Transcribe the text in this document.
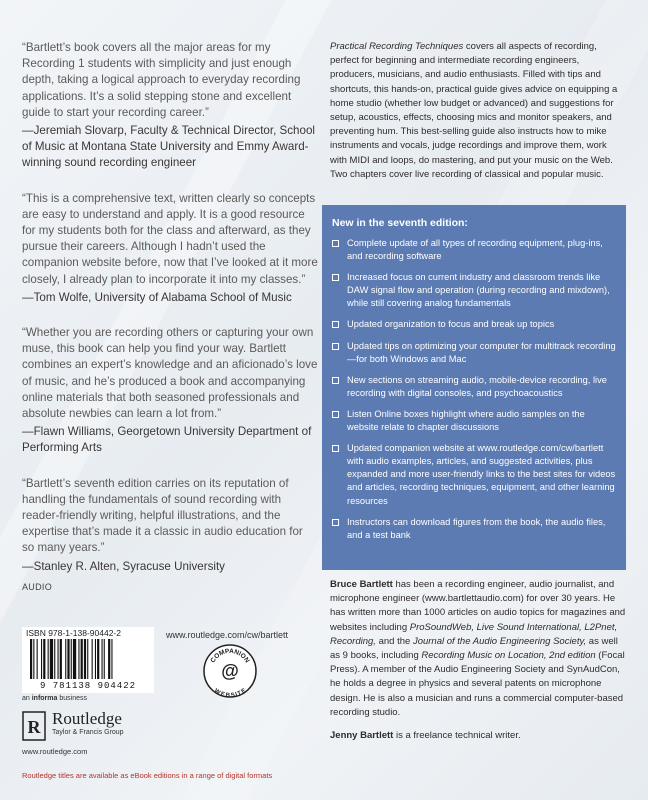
“Bartlett’s book covers all the major areas for my Recording 1 students with simplicity and just enough depth, taking a logical approach to everyday recording applications. It’s a solid stepping stone and excellent guide to start your recording career.”

—Jeremiah Slovarp, Faculty & Technical Director, School of Music at Montana State University and Emmy Award-winning sound recording engineer

“This is a comprehensive text, written clearly so concepts are easy to understand and apply. It is a good resource for my students both for the class and afterward, as they pursue their careers. Although I hadn’t used the companion website before, now that I’ve looked at it more closely, I already plan to incorporate it into my classes.”

—Tom Wolfe, University of Alabama School of Music

“Whether you are recording others or capturing your own muse, this book can help you find your way. Bartlett combines an expert’s knowledge and an aficionado’s love of music, and he’s produced a book and accompanying online materials that both seasoned professionals and absolute newbies can learn a lot from.”

—Flawn Williams, Georgetown University Department of Performing Arts

“Bartlett’s seventh edition carries on its reputation of handling the fundamentals of sound recording with reader-friendly writing, helpful illustrations, and the expertise that’s made it a classic in audio education for so many years.”

—Stanley R. Alten, Syracuse University

AUDIO

Practical Recording Techniques covers all aspects of recording, perfect for beginning and intermediate recording engineers, producers, musicians, and audio enthusiasts. Filled with tips and shortcuts, this hands-on, practical guide gives advice on equipping a home studio (whether low budget or advanced) and suggestions for setup, acoustics, effects, choosing mics and monitor speakers, and preventing hum. This best-selling guide also instructs how to mike instruments and vocals, judge recordings and improve them, work with MIDI and loops, do mastering, and put your music on the Web. Two chapters cover live recording of classical and popular music.

New in the seventh edition:
Complete update of all types of recording equipment, plug-ins, and recording software
Increased focus on current industry and classroom trends like DAW signal flow and operation (during recording and mixdown), while still covering analog fundamentals
Updated organization to focus and break up topics
Updated tips on optimizing your computer for multitrack recording—for both Windows and Mac
New sections on streaming audio, mobile-device recording, live recording with digital consoles, and psychoacoustics
Listen Online boxes highlight where audio samples on the website relate to chapter discussions
Updated companion website at www.routledge.com/cw/bartlett with audio examples, articles, and suggested activities, plus expanded and more user-friendly links to the best sites for videos and articles, recording techniques, equipment, and other learning resources
Instructors can download figures from the book, the audio files, and a test bank

Bruce Bartlett has been a recording engineer, audio journalist, and microphone engineer (www.bartlettaudio.com) for over 30 years. He has written more than 1000 articles on audio topics for magazines and websites including ProSoundWeb, Live Sound International, L2Pnet, Recording, and the Journal of the Audio Engineering Society, as well as 9 books, including Recording Music on Location, 2nd edition (Focal Press). A member of the Audio Engineering Society and SynAudCon, he holds a degree in physics and several patents on microphone design. He is also a musician and runs a commercial computer-based recording studio.

Jenny Bartlett is a freelance technical writer.

ISBN 978-1-138-90442-2
9 781138 904422
an informa business
R Routledge
Taylor & Francis Group
www.routledge.com
www.routledge.com/cw/bartlett
COMPANION
WEBSITE
@
Routledge titles are available as eBook editions in a range of digital formats
